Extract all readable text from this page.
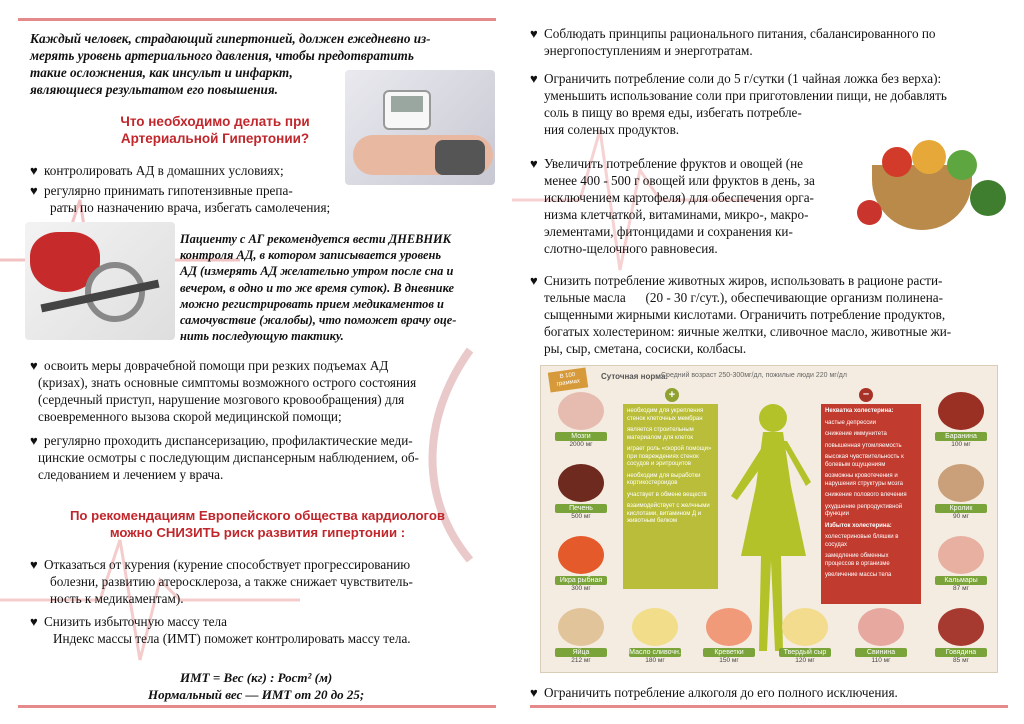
Каждый человек, страдающий гипертонией, должен ежедневно из-
мерять уровень артериального давления, чтобы предотвратить
такие осложнения, как инсульт и инфаркт,
являющиеся результатом его повышения.
Что необходимо делать при
Артериальной Гипертонии?
♥ контролировать АД в домашних условиях;
♥ регулярно принимать гипотензивные препа-
раты по назначению врача, избегать самолечения;
Пациенту с АГ рекомендуется вести ДНЕВНИК
контроля АД, в котором записывается уровень
АД (измерять АД желательно утром после сна и
вечером, в одно и то же время суток). В дневнике
можно регистрировать прием медикаментов и
самочувствие (жалобы), что поможет врачу оце-
нить последующую тактику.
♥ освоить меры доврачебной помощи при резких подъемах АД
(кризах), знать основные симптомы возможного острого состояния
(сердечный приступ, нарушение мозгового кровообращения) для
своевременного вызова скорой медицинской помощи;
♥ регулярно проходить диспансеризацию, профилактические меди-
цинские осмотры с последующим диспансерным наблюдением, об-
следованием и лечением у врача.
По рекомендациям Европейского общества кардиологов
можно СНИЗИТЬ риск развития гипертонии :
♥ Отказаться от курения (курение способствует прогрессированию
болезни, развитию атеросклероза, а также снижает чувствитель-
ность к медикаментам).
♥ Снизить избыточную массу тела
Индекс массы тела (ИМТ) поможет контролировать массу тела.
ИМТ = Вес (кг) : Рост² (м)
Нормальный вес — ИМТ от 20 до 25;
♥ Соблюдать принципы рационального питания, сбалансированного по
энергопоступлениям и энерготратам.
♥ Ограничить потребление соли до 5 г/сутки (1 чайная ложка без верха):
уменьшить использование соли при приготовлении пищи, не добавлять
соль в пищу во время еды, избегать потребле-
ния соленых продуктов.
♥ Увеличить потребление фруктов и овощей (не
менее 400 - 500 г овощей или фруктов в день, за
исключением картофеля) для обеспечения орга-
низма клетчаткой, витаминами, микро-, макро-
элементами, фитонцидами и сохранения ки-
слотно-щелочного равновесия.
♥ Снизить потребление животных жиров, использовать в рационе расти-
тельные масла      (20 - 30 г/сут.), обеспечивающие организм полинена-
сыщенными жирными кислотами. Ограничить потребление продуктов,
богатых холестерином: яичные желтки, сливочное масло, животные жи-
ры, сыр, сметана, сосиски, колбасы.
♥ Ограничить потребление алкоголя до его полного исключения.
В 100 граммах
Суточная норма:
Средний возраст 250-300мг/дл, пожилые люди 220 мг/дл
+
необходим для укрепления стенок клеточных мембран
является строительным материалом для клеток
играет роль «скорой помощи» при повреждениях стенок сосудов и эритроцитов
необходим для выработки кортикостероидов
участвует в обмене веществ
взаимодействует с желчными кислотами, витамином Д и животным белком
–
Нехватка холестерина:
частые депрессии
снижение иммунитета
повышенная утомляемость
высокая чувствительность к болевым ощущениям
возможны кровотечения и нарушения структуры мозга
снижение полового влечения
ухудшение репродуктивной функции
Избыток холестерина:
холестериновые бляшки в сосудах
замедление обменных процессов в организме
увеличение массы тела
Мозги
2000 мг
Печень
500 мг
Икра рыбная
300 мг
Баранина
100 мг
Кролик
90 мг
Кальмары
87 мг
Яйца
212 мг
Масло сливочн.
180 мг
Креветки
150 мг
Твердый сыр
120 мг
Свинина
110 мг
Говядина
85 мг
